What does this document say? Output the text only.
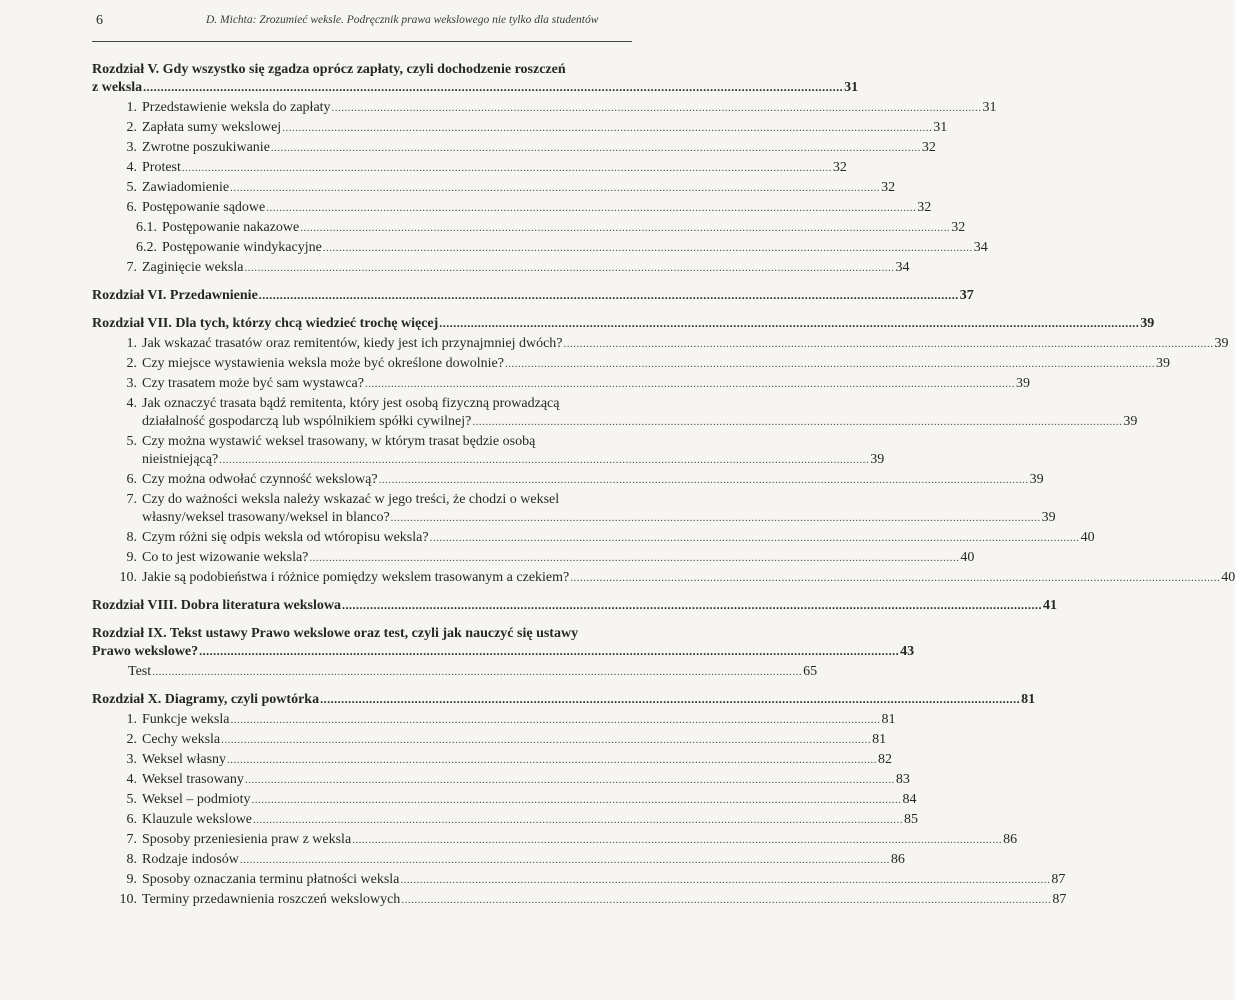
6	D. Michta: Zrozumieć weksle. Podręcznik prawa wekslowego nie tylko dla studentów
Rozdział V. Gdy wszystko się zgadza oprócz zapłaty, czyli dochodzenie roszczeń
z weksla ........................................................................................................................................................................................................ 31
1. Przedstawienie weksla do zapłaty ........................................................................................................................................................................................................ 31
2. Zapłata sumy wekslowej ........................................................................................................................................................................................................ 31
3. Zwrotne poszukiwanie ........................................................................................................................................................................................................ 32
4. Protest ........................................................................................................................................................................................................ 32
5. Zawiadomienie ........................................................................................................................................................................................................ 32
6. Postępowanie sądowe ........................................................................................................................................................................................................ 32
6.1. Postępowanie nakazowe ........................................................................................................................................................................................................ 32
6.2. Postępowanie windykacyjne ........................................................................................................................................................................................................ 34
7. Zaginięcie weksla ........................................................................................................................................................................................................ 34
Rozdział VI. Przedawnienie ........................................................................................................................................................................................................ 37
Rozdział VII. Dla tych, którzy chcą wiedzieć trochę więcej ........................................................................................................................................................................................................ 39
1. Jak wskazać trasatów oraz remitentów, kiedy jest ich przynajmniej dwóch? ........................................................................................................................................................................................................ 39
2. Czy miejsce wystawienia weksla może być określone dowolnie? ........................................................................................................................................................................................................ 39
3. Czy trasatem może być sam wystawca? ........................................................................................................................................................................................................ 39
4. Jak oznaczyć trasata bądź remitenta, który jest osobą fizyczną prowadzącą
działalność gospodarczą lub wspólnikiem spółki cywilnej? ........................................................................................................................................................................................................ 39
5. Czy można wystawić weksel trasowany, w którym trasat będzie osobą
nieistniejącą? ........................................................................................................................................................................................................ 39
6. Czy można odwołać czynność wekslową? ........................................................................................................................................................................................................ 39
7. Czy do ważności weksla należy wskazać w jego treści, że chodzi o weksel
własny/weksel trasowany/weksel in blanco? ........................................................................................................................................................................................................ 39
8. Czym różni się odpis weksla od wtóropisu weksla? ........................................................................................................................................................................................................ 40
9. Co to jest wizowanie weksla? ........................................................................................................................................................................................................ 40
10. Jakie są podobieństwa i różnice pomiędzy wekslem trasowanym a czekiem? ........................................................................................................................................................................................................ 40
Rozdział VIII. Dobra literatura wekslowa ........................................................................................................................................................................................................ 41
Rozdział IX. Tekst ustawy Prawo wekslowe oraz test, czyli jak nauczyć się ustawy
Prawo wekslowe? ........................................................................................................................................................................................................ 43
Test ........................................................................................................................................................................................................ 65
Rozdział X. Diagramy, czyli powtórka ........................................................................................................................................................................................................ 81
1. Funkcje weksla ........................................................................................................................................................................................................ 81
2. Cechy weksla ........................................................................................................................................................................................................ 81
3. Weksel własny ........................................................................................................................................................................................................ 82
4. Weksel trasowany ........................................................................................................................................................................................................ 83
5. Weksel – podmioty ........................................................................................................................................................................................................ 84
6. Klauzule wekslowe ........................................................................................................................................................................................................ 85
7. Sposoby przeniesienia praw z weksla ........................................................................................................................................................................................................ 86
8. Rodzaje indosów ........................................................................................................................................................................................................ 86
9. Sposoby oznaczania terminu płatności weksla ........................................................................................................................................................................................................ 87
10. Terminy przedawnienia roszczeń wekslowych ........................................................................................................................................................................................................ 87
